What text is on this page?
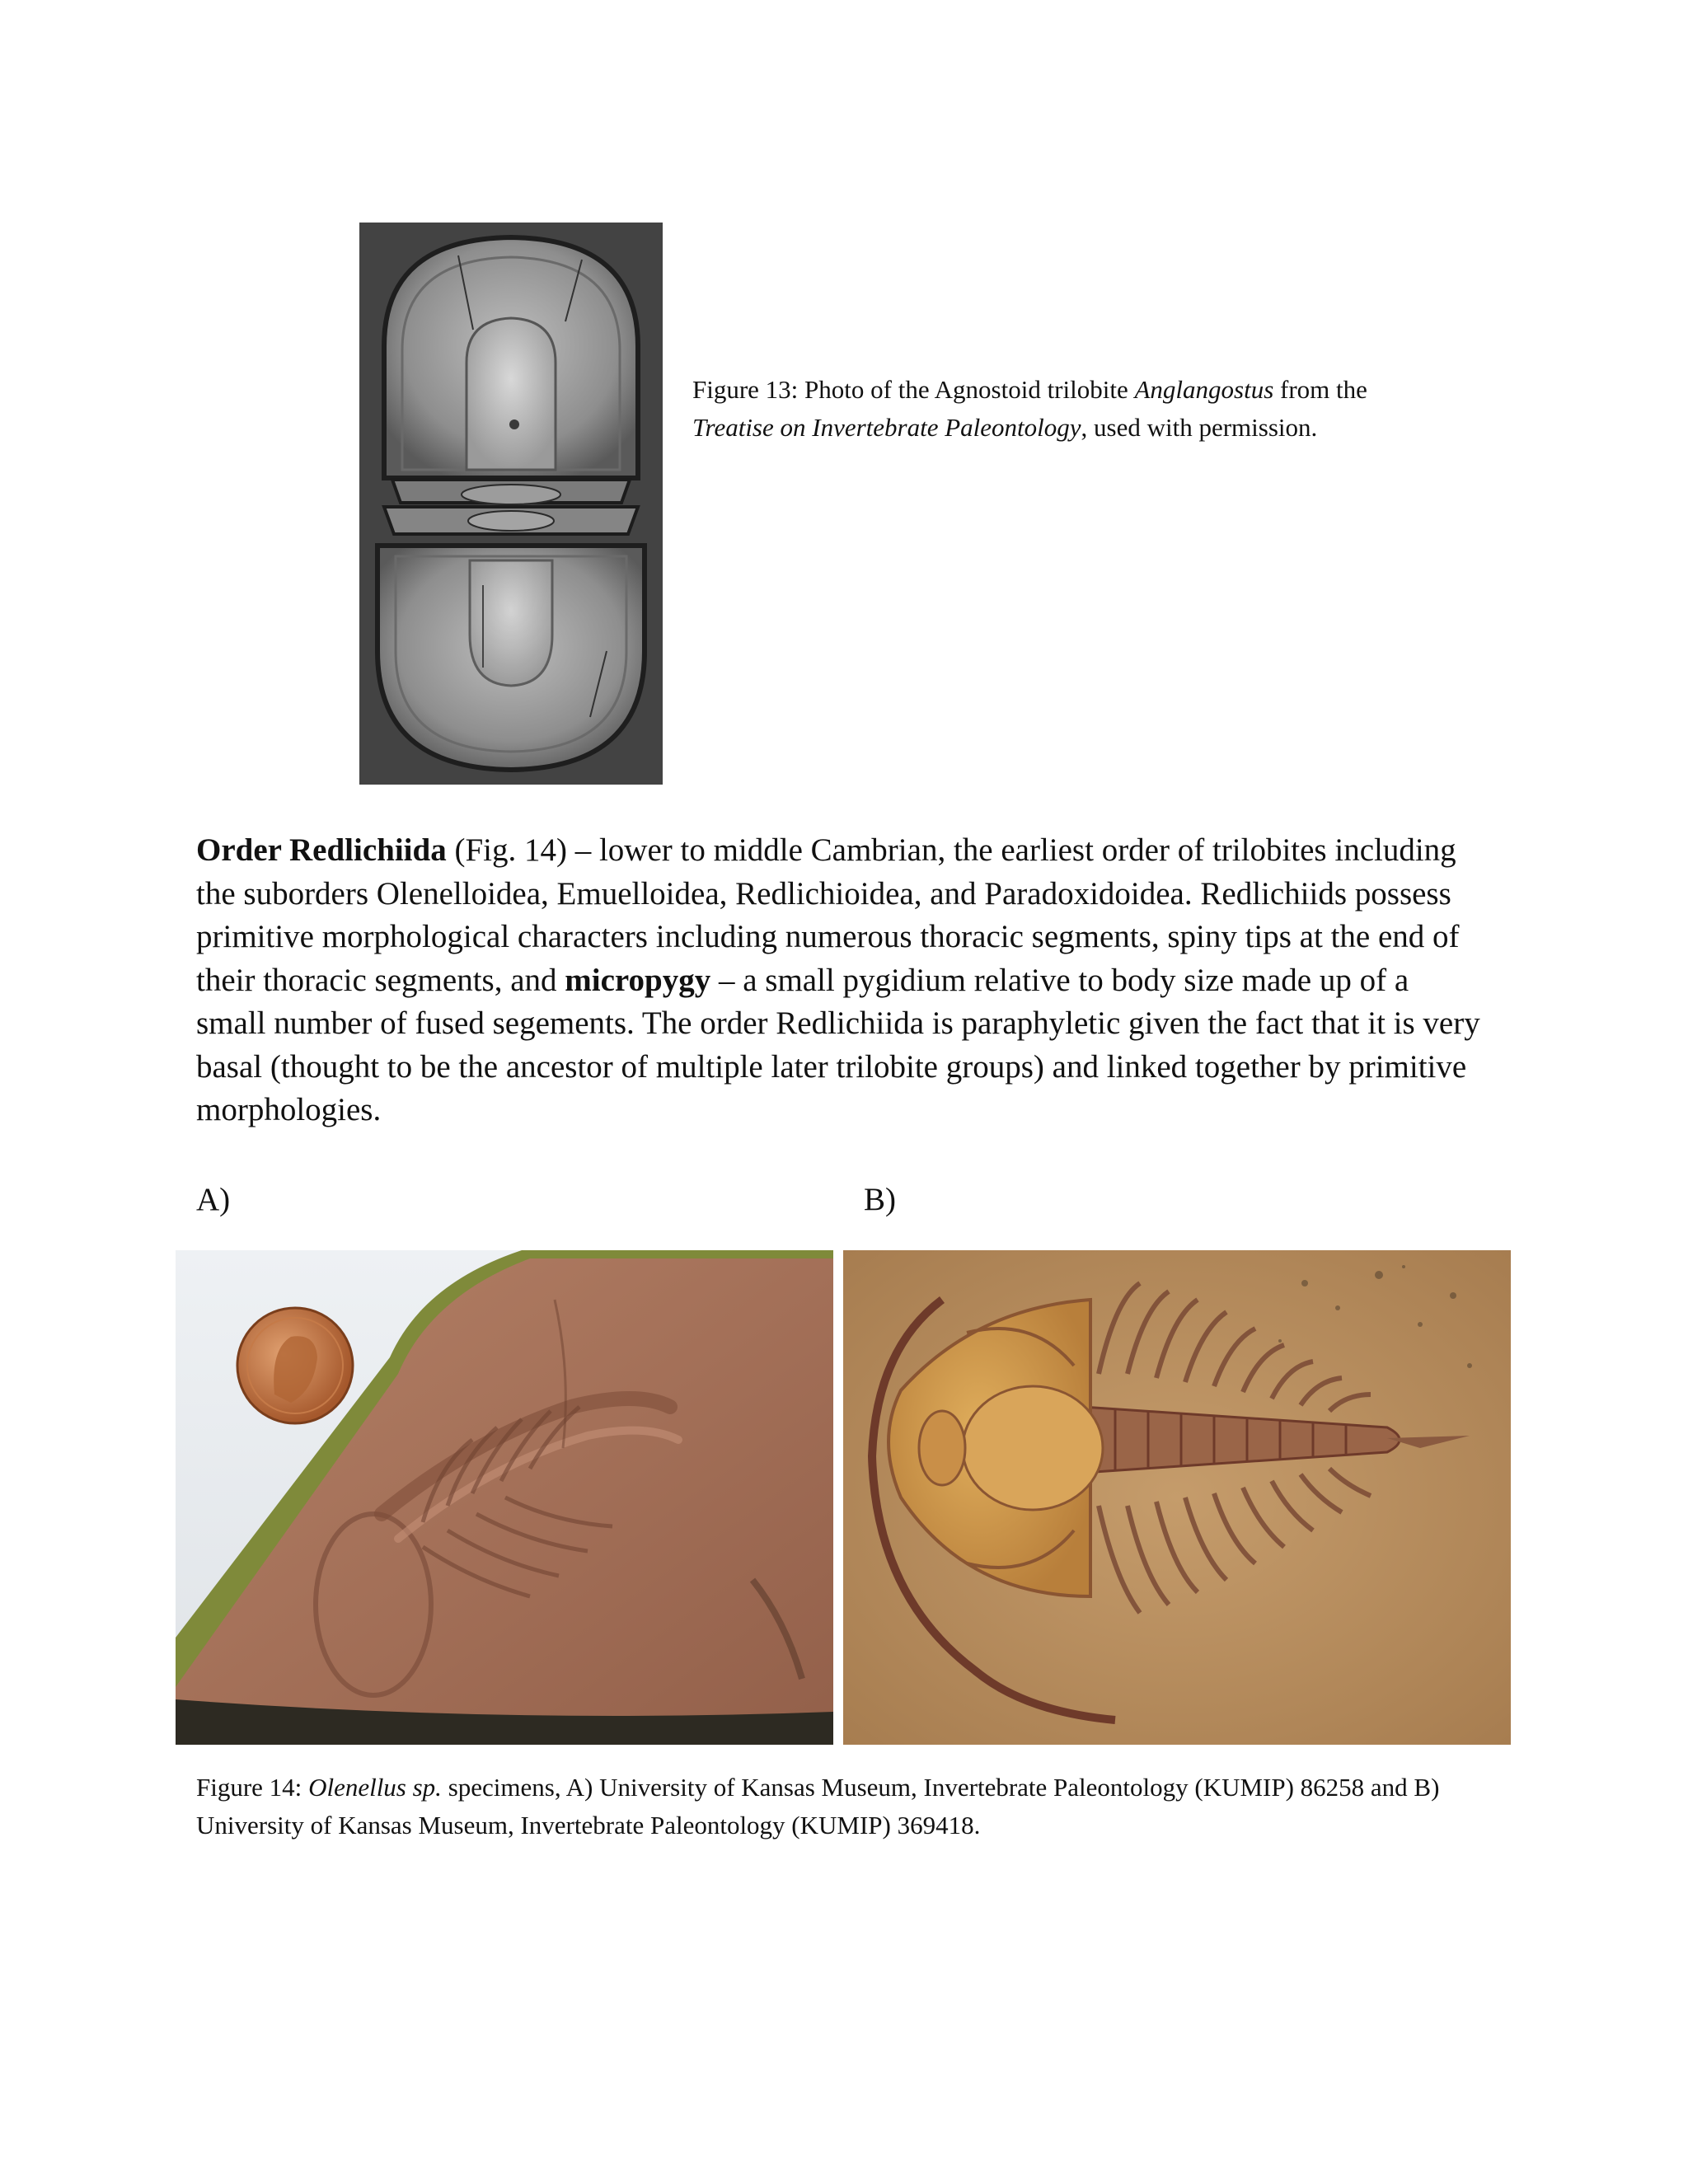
Figure 13: Photo of the Agnostoid trilobite Anglangostus from the
Treatise on Invertebrate Paleontology, used with permission.
Order Redlichiida (Fig. 14) – lower to middle Cambrian, the earliest order of trilobites including the suborders Olenelloidea, Emuelloidea, Redlichioidea, and Paradoxidoidea. Redlichiids possess primitive morphological characters including numerous thoracic segments, spiny tips at the end of their thoracic segments, and micropygy – a small pygidium relative to body size made up of a small number of fused segements. The order Redlichiida is paraphyletic given the fact that it is very basal (thought to be the ancestor of multiple later trilobite groups) and linked together by primitive morphologies.
A)	B)
Figure 14: Olenellus sp. specimens, A) University of Kansas Museum, Invertebrate Paleontology (KUMIP) 86258 and B) University of Kansas Museum, Invertebrate Paleontology (KUMIP) 369418.
